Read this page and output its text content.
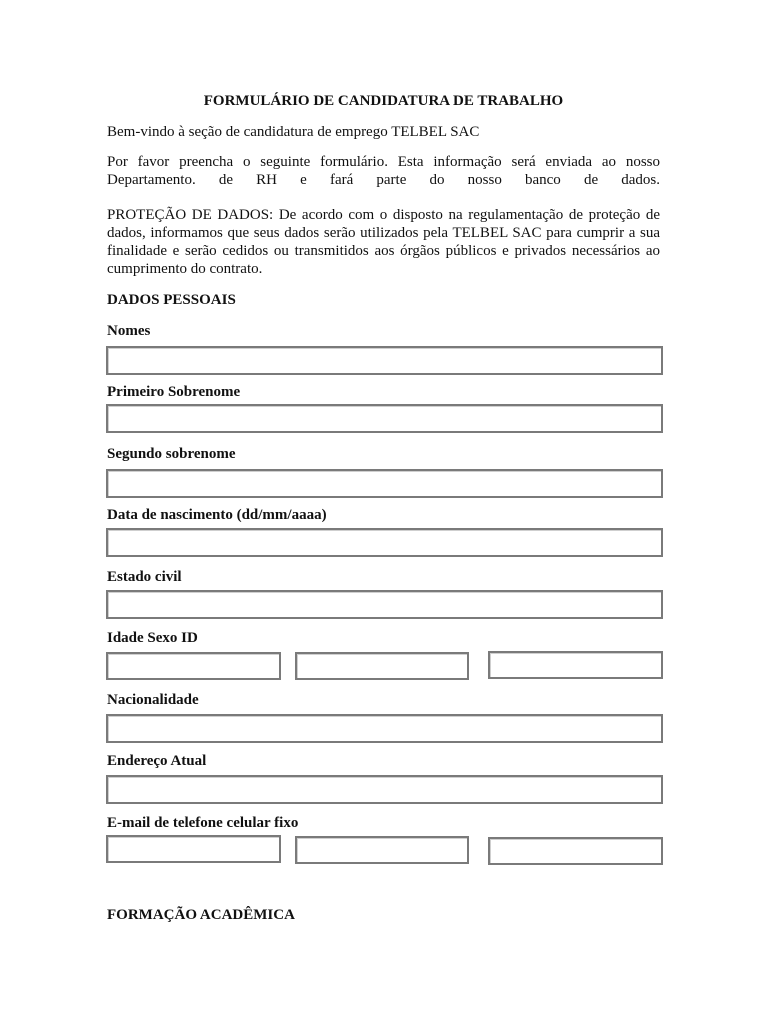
FORMULÁRIO DE CANDIDATURA DE TRABALHO

Bem-vindo à seção de candidatura de emprego TELBEL SAC

Por favor preencha o seguinte formulário. Esta informação será enviada ao nosso Departamento. de RH e fará parte do nosso banco de dados.

PROTEÇÃO DE DADOS: De acordo com o disposto na regulamentação de proteção de dados, informamos que seus dados serão utilizados pela TELBEL SAC para cumprir a sua finalidade e serão cedidos ou transmitidos aos órgãos públicos e privados necessários ao cumprimento do contrato.

DADOS PESSOAIS

Nomes

Primeiro Sobrenome

Segundo sobrenome

Data de nascimento (dd/mm/aaaa)

Estado civil

Idade Sexo ID

Nacionalidade

Endereço Atual

E-mail de telefone celular fixo

FORMAÇÃO ACADÊMICA
